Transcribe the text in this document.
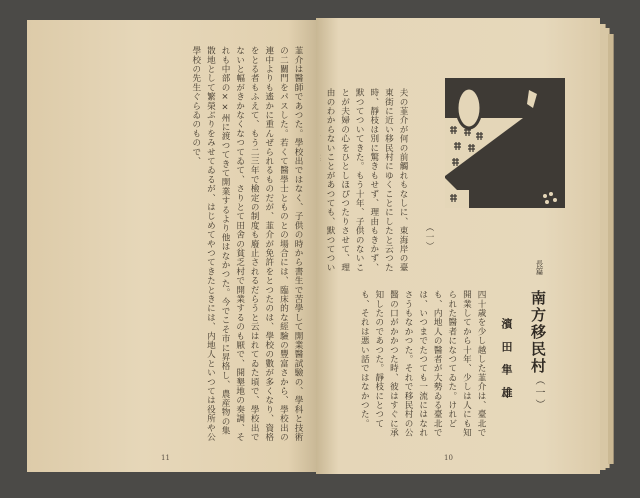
韮介は醫師であつた。學校出ではなく、子供の時から書生で苦學して開業醫試驗の、學科と技術の二關門をパスした。若くて醫學士とものとの場合には、臨床的な經驗の豐富さから、學校出の連中よりも遙かに重んぜられるものだが、韮介が免許をとつたのは、學校の數が多くなり、資格をとる者もふえて、もう二三年で檢定の制度も廢止されるだらうと云はれてゐた頃で、學校出でないと幅がきかなくなつてゐて、さりとて田舍の貧乏村で開業するのも厭で、開墾地の奏調、それも中部の××州に渡つてきて開業するより他はなかつた。今でこそ市に昇格し、農産物の集散地として繁榮ぶりをみせてゐるが、はじめてやつてきたときには、内地人といつては役所や公學校の先生ぐらゐのもので、
11
夫の韮介が何の前觸れもなしに、東海岸の臺東街に近い移民村にゆくことにしたと云つた時、靜枝は別に驚きもせず、理由もきかず、默つてついてきた。もう十年、子供のないことが夫婦の心をひとしほぴつたりさせて、理由のわからないことがあつても、默つてつい
（一）
長篇
南方移民村（一）
濱田隼雄
四十歳を少し越した韮介は、臺北で開業してから十年、少しは人にも知られた醫者になつてゐた。けれども、内地人の醫者が大勢ゐる臺北では、いつまでたつても一流にはなれさうもなかつた。それで移民村の公醫の口がかかつた時、彼はすぐに承知したのであつた。靜枝にとつても、それは悪い話ではなかつた。
10
